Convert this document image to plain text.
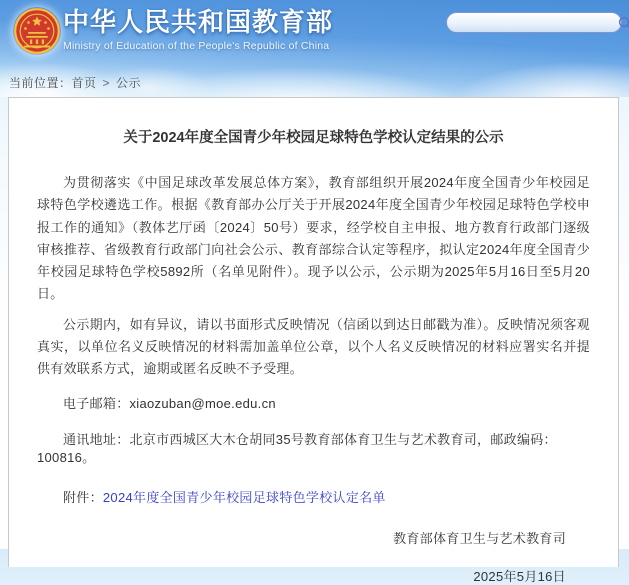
中华人民共和国教育部
Ministry of Education of the People's Republic of China
当前位置：首页 > 公示
关于2024年度全国青少年校园足球特色学校认定结果的公示

为贯彻落实《中国足球改革发展总体方案》，教育部组织开展2024年度全国青少年校园足球特色学校遴选工作。根据《教育部办公厅关于开展2024年度全国青少年校园足球特色学校申报工作的通知》（教体艺厅函〔2024〕50号）要求，经学校自主申报、地方教育行政部门逐级审核推荐、省级教育行政部门向社会公示、教育部综合认定等程序，拟认定2024年度全国青少年校园足球特色学校5892所（名单见附件）。现予以公示，公示期为2025年5月16日至5月20日。

公示期内，如有异议，请以书面形式反映情况（信函以到达日邮戳为准）。反映情况须客观真实，以单位名义反映情况的材料需加盖单位公章，以个人名义反映情况的材料应署实名并提供有效联系方式，逾期或匿名反映不予受理。

电子邮箱：xiaozuban@moe.edu.cn

通讯地址：北京市西城区大木仓胡同35号教育部体育卫生与艺术教育司，邮政编码：100816。

附件：2024年度全国青少年校园足球特色学校认定名单

教育部体育卫生与艺术教育司
2025年5月16日
